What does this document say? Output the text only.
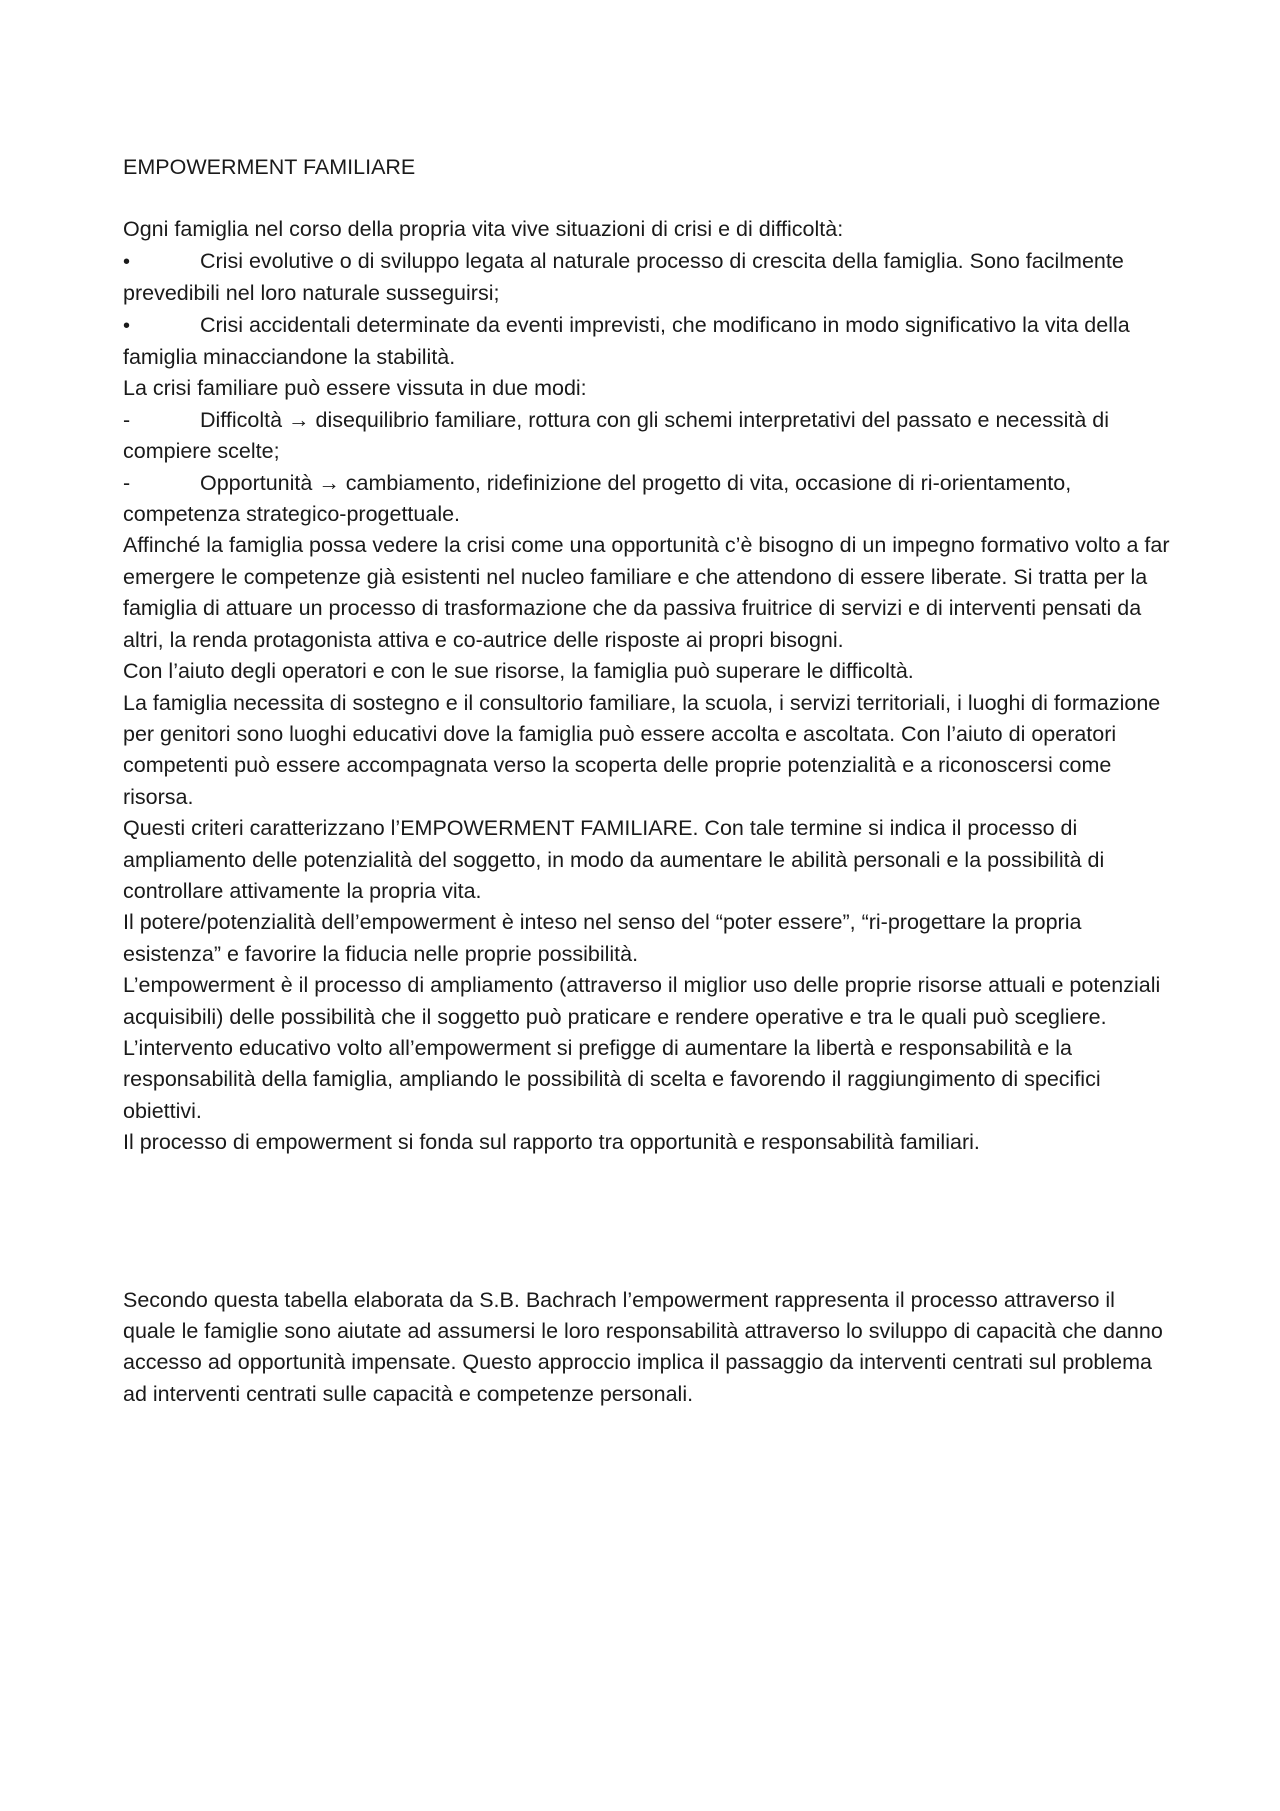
EMPOWERMENT FAMILIARE

Ogni famiglia nel corso della propria vita vive situazioni di crisi e di difficoltà:

•	Crisi evolutive o di sviluppo legata al naturale processo di crescita della famiglia. Sono facilmente prevedibili nel loro naturale susseguirsi;

•	Crisi accidentali determinate da eventi imprevisti, che modificano in modo significativo la vita della famiglia minacciandone la stabilità.

La crisi familiare può essere vissuta in due modi:

-	Difficoltà → disequilibrio familiare, rottura con gli schemi interpretativi del passato e necessità di compiere scelte;

-	Opportunità → cambiamento, ridefinizione del progetto di vita, occasione di ri-orientamento, competenza strategico-progettuale.

Affinché la famiglia possa vedere la crisi come una opportunità c’è bisogno di un impegno formativo volto a far emergere le competenze già esistenti nel nucleo familiare e che attendono di essere liberate. Si tratta per la famiglia di attuare un processo di trasformazione che da passiva fruitrice di servizi e di interventi pensati da altri, la renda protagonista attiva e co-autrice delle risposte ai propri bisogni.

Con l’aiuto degli operatori e con le sue risorse, la famiglia può superare le difficoltà.

La famiglia necessita di sostegno e il consultorio familiare, la scuola, i servizi territoriali, i luoghi di formazione per genitori sono luoghi educativi dove la famiglia può essere accolta e ascoltata. Con l’aiuto di operatori competenti può essere accompagnata verso la scoperta delle proprie potenzialità e a riconoscersi come risorsa.

Questi criteri caratterizzano l’EMPOWERMENT FAMILIARE. Con tale termine si indica il processo di ampliamento delle potenzialità del soggetto, in modo da aumentare le abilità personali e la possibilità di controllare attivamente la propria vita.

Il potere/potenzialità dell’empowerment è inteso nel senso del “poter essere”, “ri-progettare la propria esistenza” e favorire la fiducia nelle proprie possibilità.

L’empowerment è il processo di ampliamento (attraverso il miglior uso delle proprie risorse attuali e potenziali acquisibili) delle possibilità che il soggetto può praticare e rendere operative e tra le quali può scegliere.

L’intervento educativo volto all’empowerment si prefigge di aumentare la libertà e responsabilità e la responsabilità della famiglia, ampliando le possibilità di scelta e favorendo il raggiungimento di specifici obiettivi.

Il processo di empowerment si fonda sul rapporto tra opportunità e responsabilità familiari.

Secondo questa tabella elaborata da S.B. Bachrach l’empowerment rappresenta il processo attraverso il quale le famiglie sono aiutate ad assumersi le loro responsabilità attraverso lo sviluppo di capacità che danno accesso ad opportunità impensate. Questo approccio implica il passaggio da interventi centrati sul problema ad interventi centrati sulle capacità e competenze personali.
